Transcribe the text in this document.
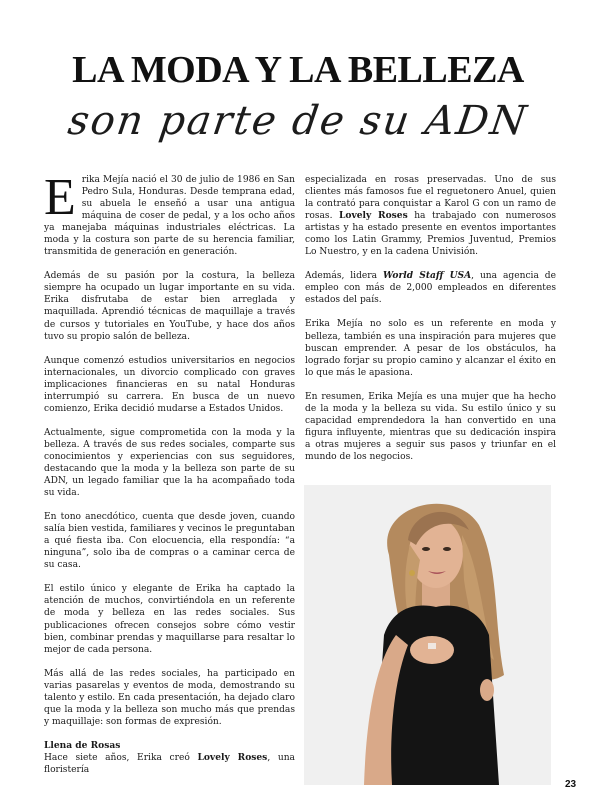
LA MODA Y LA BELLEZA
son parte de su ADN

Erika Mejía nació el 30 de julio de 1986 en San Pedro Sula, Honduras. Desde temprana edad, su abuela le enseñó a usar una antigua máquina de coser de pedal, y a los ocho años ya manejaba máquinas industriales eléctricas. La moda y la costura son parte de su herencia familiar, transmitida de generación en generación.

Además de su pasión por la costura, la belleza siempre ha ocupado un lugar importante en su vida. Erika disfrutaba de estar bien arreglada y maquillada. Aprendió técnicas de maquillaje a través de cursos y tutoriales en YouTube, y hace dos años tuvo su propio salón de belleza.

Aunque comenzó estudios universitarios en negocios internacionales, un divorcio complicado con graves implicaciones financieras en su natal Honduras interrumpió su carrera. En busca de un nuevo comienzo, Erika decidió mudarse a Estados Unidos.

Actualmente, sigue comprometida con la moda y la belleza. A través de sus redes sociales, comparte sus conocimientos y experiencias con sus seguidores, destacando que la moda y la belleza son parte de su ADN, un legado familiar que la ha acompañado toda su vida.

En tono anecdótico, cuenta que desde joven, cuando salía bien vestida, familiares y vecinos le preguntaban a qué fiesta iba. Con elocuencia, ella respondía: “a ninguna”, solo iba de compras o a caminar cerca de su casa.

El estilo único y elegante de Erika ha captado la atención de muchos, convirtiéndola en un referente de moda y belleza en las redes sociales. Sus publicaciones ofrecen consejos sobre cómo vestir bien, combinar prendas y maquillarse para resaltar lo mejor de cada persona.

Más allá de las redes sociales, ha participado en varias pasarelas y eventos de moda, demostrando su talento y estilo. En cada presentación, ha dejado claro que la moda y la belleza son mucho más que prendas y maquillaje: son formas de expresión.

Llena de Rosas

Hace siete años, Erika creó Lovely Roses, una floristería

especializada en rosas preservadas. Uno de sus clientes más famosos fue el reguetonero Anuel, quien la contrató para conquistar a Karol G con un ramo de rosas. Lovely Roses ha trabajado con numerosos artistas y ha estado presente en eventos importantes como los Latin Grammy, Premios Juventud, Premios Lo Nuestro, y en la cadena Univisión.

Además, lidera World Staff USA, una agencia de empleo con más de 2,000 empleados en diferentes estados del país.

Erika Mejía no solo es un referente en moda y belleza, también es una inspiración para mujeres que buscan emprender. A pesar de los obstáculos, ha logrado forjar su propio camino y alcanzar el éxito en lo que más le apasiona.

En resumen, Erika Mejía es una mujer que ha hecho de la moda y la belleza su vida. Su estilo único y su capacidad emprendedora la han convertido en una figura influyente, mientras que su dedicación inspira a otras mujeres a seguir sus pasos y triunfar en el mundo de los negocios.

23
